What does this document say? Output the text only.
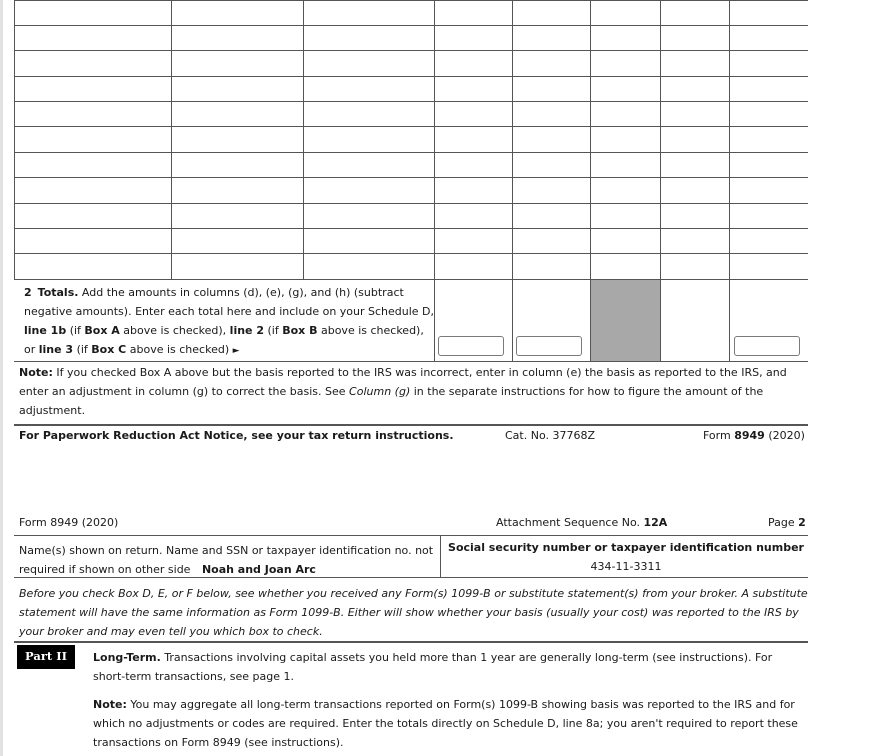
2 Totals. Add the amounts in columns (d), (e), (g), and (h) (subtract negative amounts). Enter each total here and include on your Schedule D, line 1b (if Box A above is checked), line 2 (if Box B above is checked), or line 3 (if Box C above is checked) ►
Note: If you checked Box A above but the basis reported to the IRS was incorrect, enter in column (e) the basis as reported to the IRS, and enter an adjustment in column (g) to correct the basis. See Column (g) in the separate instructions for how to figure the amount of the adjustment.
For Paperwork Reduction Act Notice, see your tax return instructions.	Cat. No. 37768Z	Form 8949 (2020)
Form 8949 (2020)	Attachment Sequence No. 12A	Page 2
Name(s) shown on return. Name and SSN or taxpayer identification no. not required if shown on other side Noah and Joan Arc
Social security number or taxpayer identification number
434-11-3311
Before you check Box D, E, or F below, see whether you received any Form(s) 1099-B or substitute statement(s) from your broker. A substitute statement will have the same information as Form 1099-B. Either will show whether your basis (usually your cost) was reported to the IRS by your broker and may even tell you which box to check.
Part II	Long-Term. Transactions involving capital assets you held more than 1 year are generally long-term (see instructions). For short-term transactions, see page 1.
Note: You may aggregate all long-term transactions reported on Form(s) 1099-B showing basis was reported to the IRS and for which no adjustments or codes are required. Enter the totals directly on Schedule D, line 8a; you aren't required to report these transactions on Form 8949 (see instructions).
